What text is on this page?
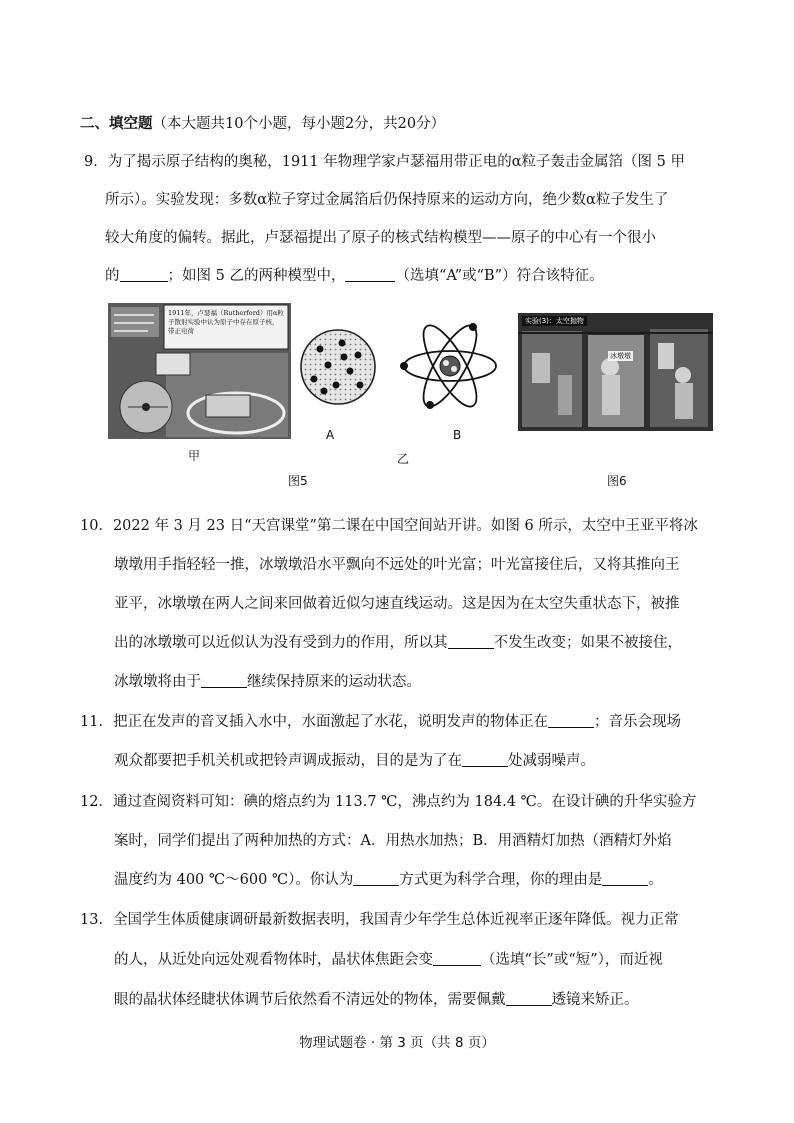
二、填空题（本大题共10个小题，每小题2分，共20分）
9．为了揭示原子结构的奥秘，1911 年物理学家卢瑟福用带正电的α粒子轰击金属箔（图 5 甲
所示）。实验发现：多数α粒子穿过金属箔后仍保持原来的运动方向，绝少数α粒子发生了
较大角度的偏转。据此，卢瑟福提出了原子的核式结构模型——原子的中心有一个很小
的	；如图 5 乙的两种模型中，	（选填“A”或“B”）符合该特征。
1911年，卢瑟福（Rutherford）用α粒子散射实验中认为原子中存在原子核，带正电荷
甲
A	B
乙
图5
实验(3)：太空抛物
冰墩墩
图6
10．2022 年 3 月 23 日“天宫课堂”第二课在中国空间站开讲。如图 6 所示，太空中王亚平将冰
墩墩用手指轻轻一推，冰墩墩沿水平飘向不远处的叶光富；叶光富接住后，又将其推向王
亚平，冰墩墩在两人之间来回做着近似匀速直线运动。这是因为在太空失重状态下，被推
出的冰墩墩可以近似认为没有受到力的作用，所以其	不发生改变；如果不被接住，
冰墩墩将由于	继续保持原来的运动状态。
11．把正在发声的音叉插入水中，水面激起了水花，说明发声的物体正在	；音乐会现场
观众都要把手机关机或把铃声调成振动，目的是为了在	处减弱噪声。
12．通过查阅资料可知：碘的熔点约为 113.7 ℃，沸点约为 184.4 ℃。在设计碘的升华实验方
案时，同学们提出了两种加热的方式：A．用热水加热；B．用酒精灯加热（酒精灯外焰
温度约为 400 ℃～600 ℃）。你认为	方式更为科学合理，你的理由是	。
13．全国学生体质健康调研最新数据表明，我国青少年学生总体近视率正逐年降低。视力正常
的人，从近处向远处观看物体时，晶状体焦距会变	（选填“长”或“短”），而近视
眼的晶状体经睫状体调节后依然看不清远处的物体，需要佩戴	透镜来矫正。
物理试题卷 · 第 3 页（共 8 页）
